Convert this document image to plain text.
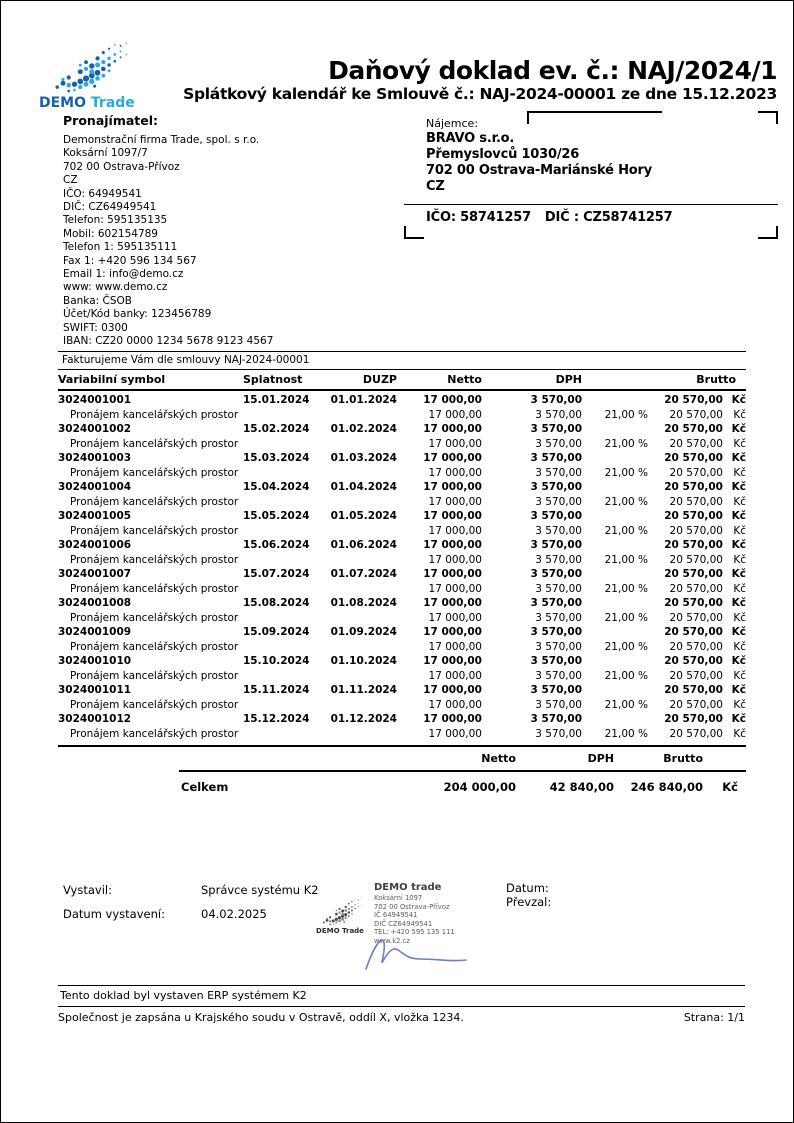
DEMO Trade
Daňový doklad ev. č.: NAJ/2024/1
Splátkový kalendář ke Smlouvě č.: NAJ-2024-00001 ze dne 15.12.2023
Pronajímatel:
Demonstrační firma Trade, spol. s r.o.
Koksární 1097/7
702 00 Ostrava-Přívoz
CZ
IČO: 64949541
DIČ: CZ64949541
Telefon: 595135135
Mobil: 602154789
Telefon 1: 595135111
Fax 1: +420 596 134 567
Email 1: info@demo.cz
www: www.demo.cz
Banka: ČSOB
Účet/Kód banky: 123456789
SWIFT: 0300
IBAN: CZ20 0000 1234 5678 9123 4567
Nájemce:
BRAVO s.r.o.
Přemyslovců 1030/26
702 00 Ostrava-Mariánské Hory
CZ
IČO: 58741257 DIČ : CZ58741257
Fakturujeme Vám dle smlouvy NAJ-2024-00001
Variabilní symbol	Splatnost	DUZP	Netto	DPH	Brutto
3024001001	15.01.2024	01.01.2024	17 000,00	3 570,00	20 570,00 Kč
Pronájem kancelářských prostor	17 000,00	3 570,00	21,00 %	20 570,00 Kč
3024001002	15.02.2024	01.02.2024	17 000,00	3 570,00	20 570,00 Kč
Pronájem kancelářských prostor	17 000,00	3 570,00	21,00 %	20 570,00 Kč
3024001003	15.03.2024	01.03.2024	17 000,00	3 570,00	20 570,00 Kč
Pronájem kancelářských prostor	17 000,00	3 570,00	21,00 %	20 570,00 Kč
3024001004	15.04.2024	01.04.2024	17 000,00	3 570,00	20 570,00 Kč
Pronájem kancelářských prostor	17 000,00	3 570,00	21,00 %	20 570,00 Kč
3024001005	15.05.2024	01.05.2024	17 000,00	3 570,00	20 570,00 Kč
Pronájem kancelářských prostor	17 000,00	3 570,00	21,00 %	20 570,00 Kč
3024001006	15.06.2024	01.06.2024	17 000,00	3 570,00	20 570,00 Kč
Pronájem kancelářských prostor	17 000,00	3 570,00	21,00 %	20 570,00 Kč
3024001007	15.07.2024	01.07.2024	17 000,00	3 570,00	20 570,00 Kč
Pronájem kancelářských prostor	17 000,00	3 570,00	21,00 %	20 570,00 Kč
3024001008	15.08.2024	01.08.2024	17 000,00	3 570,00	20 570,00 Kč
Pronájem kancelářských prostor	17 000,00	3 570,00	21,00 %	20 570,00 Kč
3024001009	15.09.2024	01.09.2024	17 000,00	3 570,00	20 570,00 Kč
Pronájem kancelářských prostor	17 000,00	3 570,00	21,00 %	20 570,00 Kč
3024001010	15.10.2024	01.10.2024	17 000,00	3 570,00	20 570,00 Kč
Pronájem kancelářských prostor	17 000,00	3 570,00	21,00 %	20 570,00 Kč
3024001011	15.11.2024	01.11.2024	17 000,00	3 570,00	20 570,00 Kč
Pronájem kancelářských prostor	17 000,00	3 570,00	21,00 %	20 570,00 Kč
3024001012	15.12.2024	01.12.2024	17 000,00	3 570,00	20 570,00 Kč
Pronájem kancelářských prostor	17 000,00	3 570,00	21,00 %	20 570,00 Kč
Netto	DPH	Brutto
Celkem	204 000,00	42 840,00	246 840,00	Kč
Vystavil:	Správce systému K2
Datum vystavení:	04.02.2025
DEMO Trade
DEMO trade
Koksární 1097
702 00 Ostrava-Přívoz
IČ 64949541
DIČ CZ64949541
TEL: +420 595 135 111
www.k2.cz
Datum:
Převzal:
Tento doklad byl vystaven ERP systémem K2
Společnost je zapsána u Krajského soudu v Ostravě, oddíl X, vložka 1234.	Strana: 1/1
